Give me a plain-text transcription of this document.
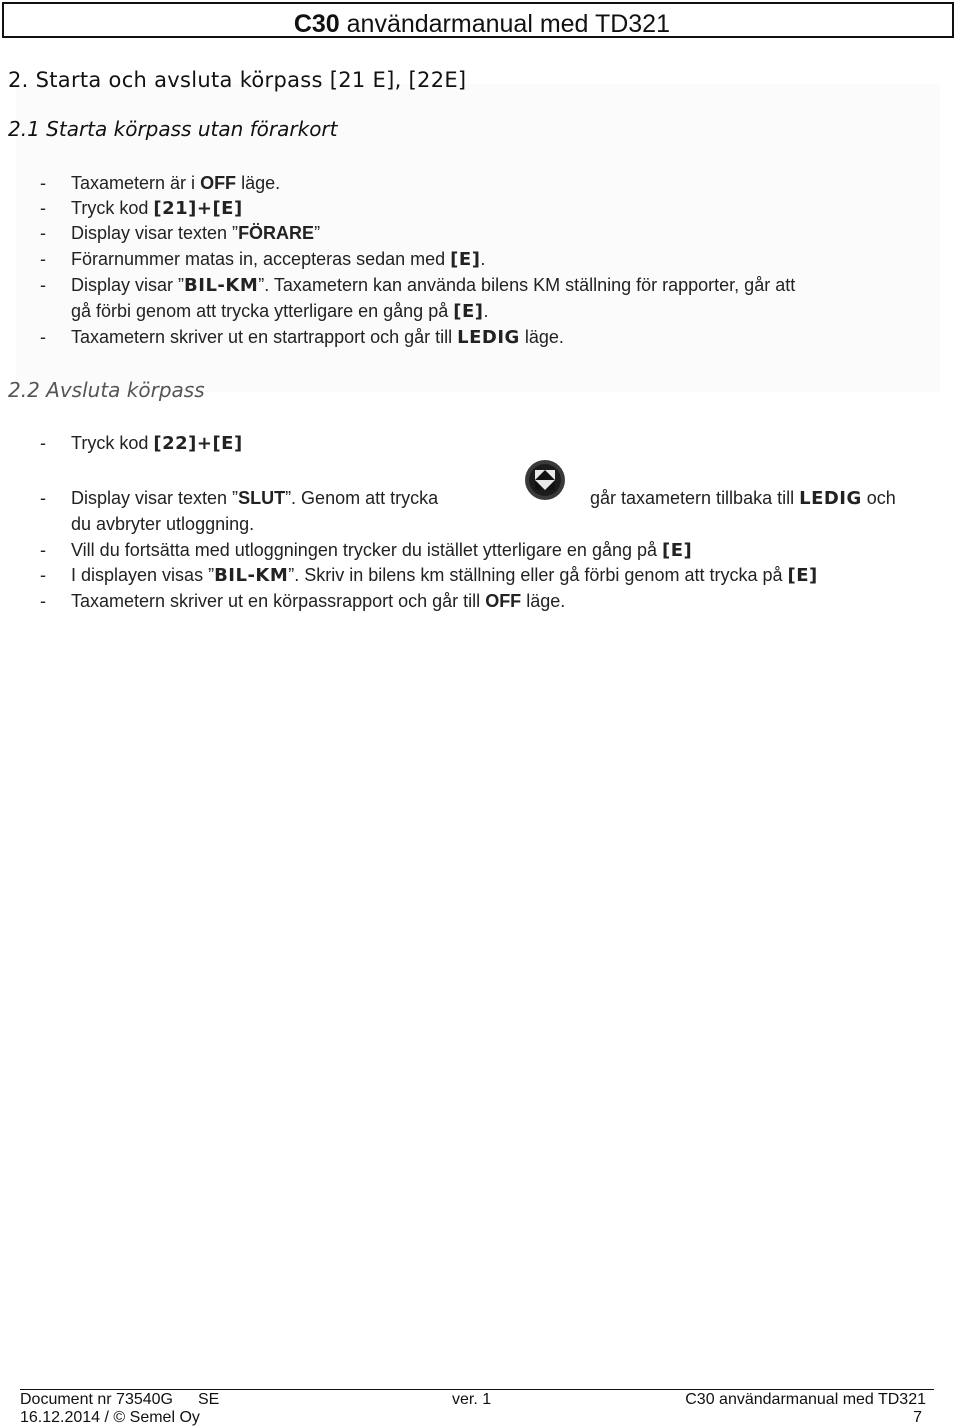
C30 användarmanual med TD321
2. Starta och avsluta körpass [21 E], [22E]
2.1 Starta körpass utan förarkort
- Taxametern är i OFF läge.
- Tryck kod [21]+[E]
- Display visar texten ”FÖRARE”
- Förarnummer matas in, accepteras sedan med [E].
- Display visar ”BIL-KM”. Taxametern kan använda bilens KM ställning för rapporter, går att
gå förbi genom att trycka ytterligare en gång på [E].
- Taxametern skriver ut en startrapport och går till LEDIG läge.
2.2 Avsluta körpass
- Tryck kod [22]+[E]
- Display visar texten ”SLUT”. Genom att trycka	går taxametern tillbaka till LEDIG och
du avbryter utloggning.
- Vill du fortsätta med utloggningen trycker du istället ytterligare en gång på [E]
- I displayen visas ”BIL-KM”. Skriv in bilens km ställning eller gå förbi genom att trycka på [E]
- Taxametern skriver ut en körpassrapport och går till OFF läge.
Document nr 73540G SE	ver. 1	C30 användarmanual med TD321
16.12.2014 / © Semel Oy	7
